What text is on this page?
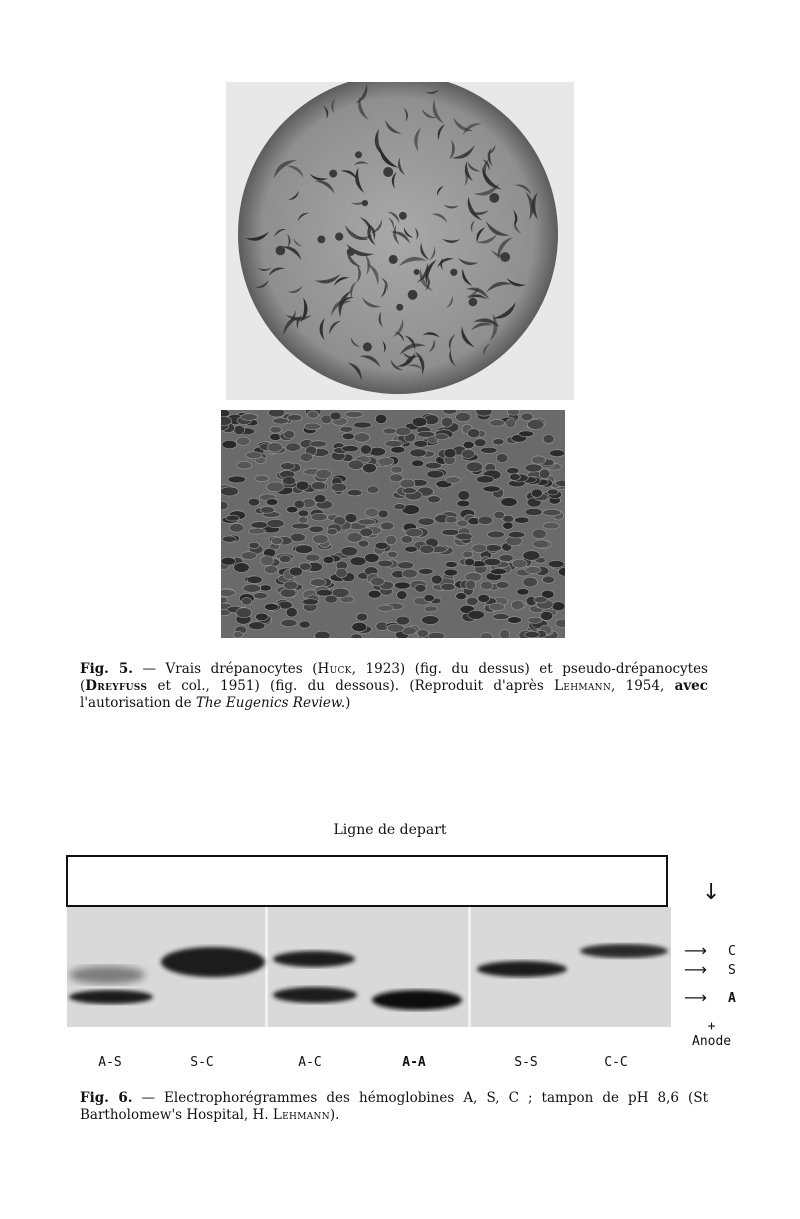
Fig. 5. — Vrais drépanocytes (Huck, 1923) (fig. du dessus) et pseudo-drépanocytes (Dreyfuss et col., 1951) (fig. du dessous). (Reproduit d'après Lehmann, 1954, avec l'autorisation de The Eugenics Review.)
Ligne de depart
↓
⟶ C
⟶ S
⟶ A
+
Anode
A-S	S-C	A-C	A-A	S-S	C-C
Fig. 6. — Electrophorégrammes des hémoglobines A, S, C ; tampon de pH 8,6 (St Bartholomew's Hospital, H. Lehmann).
